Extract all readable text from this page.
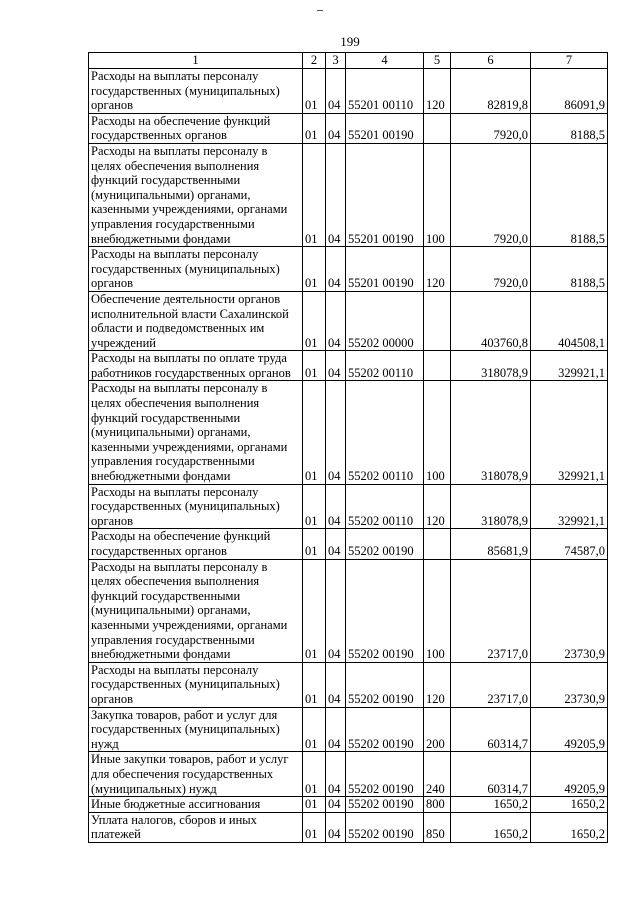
199
1	2	3	4	5	6	7
Расходы на выплаты персоналу государственных (муниципальных) органов	01	04	55201 00110	120	82819,8	86091,9
Расходы на обеспечение функций государственных органов	01	04	55201 00190		7920,0	8188,5
Расходы на выплаты персоналу в целях обеспечения выполнения функций государственными (муниципальными) органами, казенными учреждениями, органами управления государственными внебюджетными фондами	01	04	55201 00190	100	7920,0	8188,5
Расходы на выплаты персоналу государственных (муниципальных) органов	01	04	55201 00190	120	7920,0	8188,5
Обеспечение деятельности органов исполнительной власти Сахалинской области и подведомственных им учреждений	01	04	55202 00000		403760,8	404508,1
Расходы на выплаты по оплате труда работников государственных органов	01	04	55202 00110		318078,9	329921,1
Расходы на выплаты персоналу в целях обеспечения выполнения функций государственными (муниципальными) органами, казенными учреждениями, органами управления государственными внебюджетными фондами	01	04	55202 00110	100	318078,9	329921,1
Расходы на выплаты персоналу государственных (муниципальных) органов	01	04	55202 00110	120	318078,9	329921,1
Расходы на обеспечение функций государственных органов	01	04	55202 00190		85681,9	74587,0
Расходы на выплаты персоналу в целях обеспечения выполнения функций государственными (муниципальными) органами, казенными учреждениями, органами управления государственными внебюджетными фондами	01	04	55202 00190	100	23717,0	23730,9
Расходы на выплаты персоналу государственных (муниципальных) органов	01	04	55202 00190	120	23717,0	23730,9
Закупка товаров, работ и услуг для государственных (муниципальных) нужд	01	04	55202 00190	200	60314,7	49205,9
Иные закупки товаров, работ и услуг для обеспечения государственных (муниципальных) нужд	01	04	55202 00190	240	60314,7	49205,9
Иные бюджетные ассигнования	01	04	55202 00190	800	1650,2	1650,2
Уплата налогов, сборов и иных платежей	01	04	55202 00190	850	1650,2	1650,2
